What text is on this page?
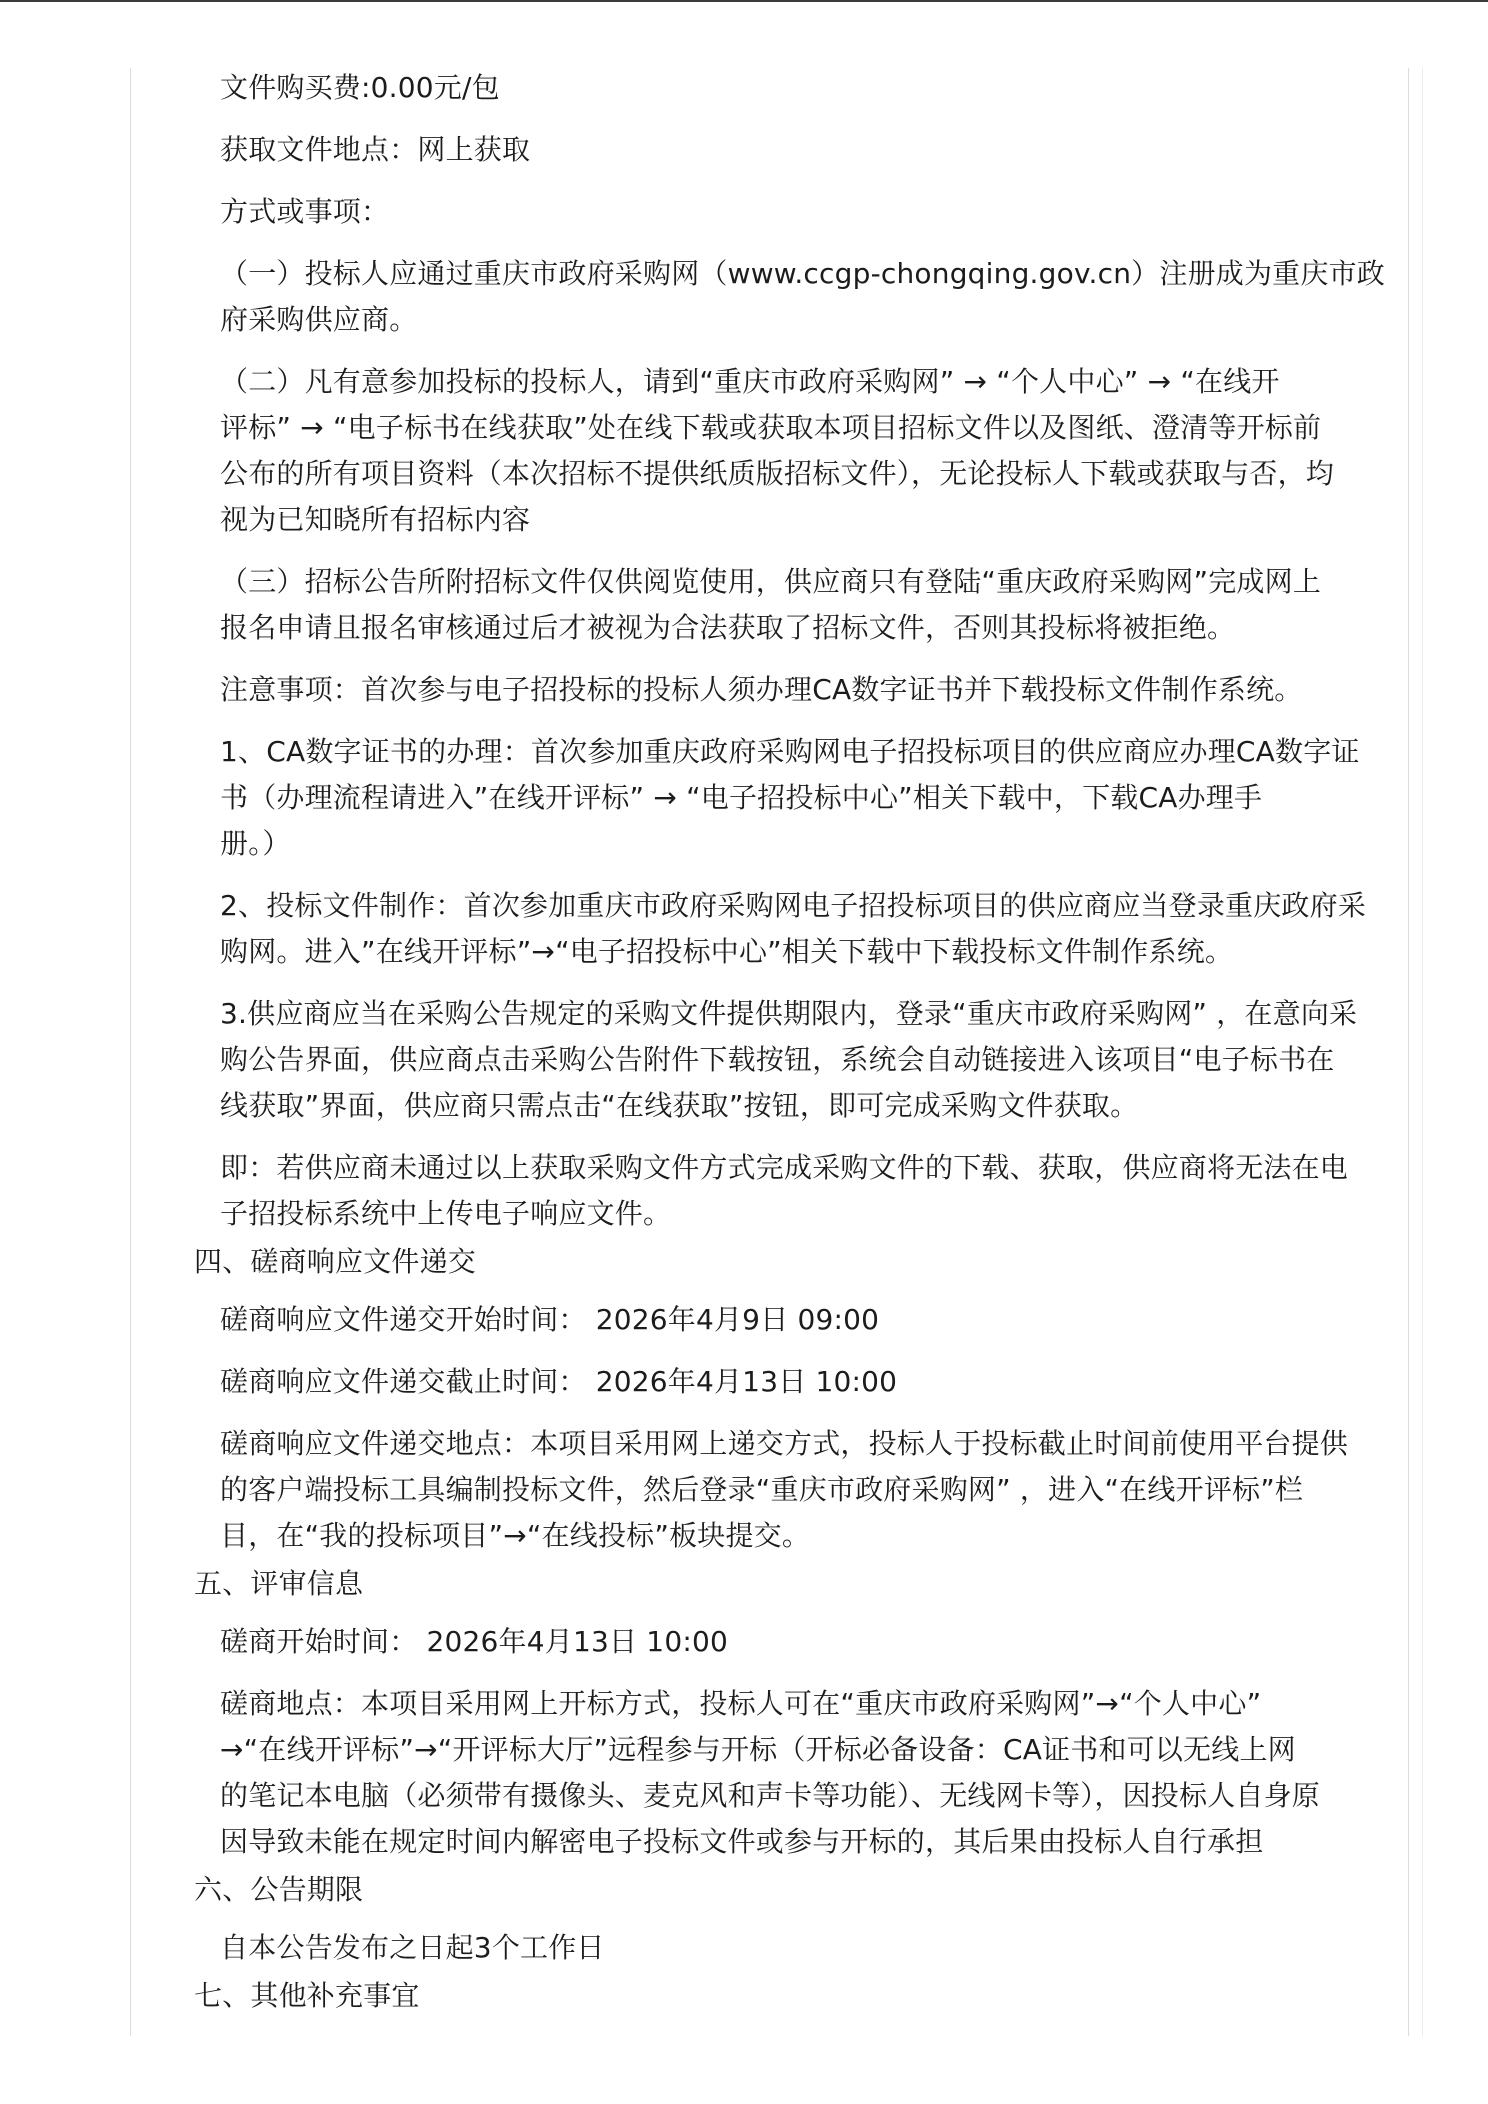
文件购买费:0.00元/包
获取文件地点：网上获取
方式或事项：
（一）投标人应通过重庆市政府采购网（www.ccgp-chongqing.gov.cn）注册成为重庆市政
府采购供应商。
（二）凡有意参加投标的投标人，请到“重庆市政府采购网” → “个人中心” → “在线开
评标” → “电子标书在线获取”处在线下载或获取本项目招标文件以及图纸、澄清等开标前
公布的所有项目资料（本次招标不提供纸质版招标文件），无论投标人下载或获取与否，均
视为已知晓所有招标内容
（三）招标公告所附招标文件仅供阅览使用，供应商只有登陆“重庆政府采购网”完成网上
报名申请且报名审核通过后才被视为合法获取了招标文件，否则其投标将被拒绝。
注意事项：首次参与电子招投标的投标人须办理CA数字证书并下载投标文件制作系统。
1、CA数字证书的办理：首次参加重庆政府采购网电子招投标项目的供应商应办理CA数字证
书（办理流程请进入”在线开评标” → “电子招投标中心”相关下载中，下载CA办理手
册。）
2、投标文件制作：首次参加重庆市政府采购网电子招投标项目的供应商应当登录重庆政府采
购网。进入”在线开评标”→“电子招投标中心”相关下载中下载投标文件制作系统。
3.供应商应当在采购公告规定的采购文件提供期限内，登录“重庆市政府采购网” ，在意向采
购公告界面，供应商点击采购公告附件下载按钮，系统会自动链接进入该项目“电子标书在
线获取”界面，供应商只需点击“在线获取”按钮，即可完成采购文件获取。
即：若供应商未通过以上获取采购文件方式完成采购文件的下载、获取，供应商将无法在电
子招投标系统中上传电子响应文件。
四、磋商响应文件递交
磋商响应文件递交开始时间： 2026年4月9日 09:00
磋商响应文件递交截止时间： 2026年4月13日 10:00
磋商响应文件递交地点：本项目采用网上递交方式，投标人于投标截止时间前使用平台提供
的客户端投标工具编制投标文件，然后登录“重庆市政府采购网” ，进入“在线开评标”栏
目，在“我的投标项目”→“在线投标”板块提交。
五、评审信息
磋商开始时间： 2026年4月13日 10:00
磋商地点：本项目采用网上开标方式，投标人可在“重庆市政府采购网”→“个人中心”
→“在线开评标”→“开评标大厅”远程参与开标（开标必备设备：CA证书和可以无线上网
的笔记本电脑（必须带有摄像头、麦克风和声卡等功能）、无线网卡等），因投标人自身原
因导致未能在规定时间内解密电子投标文件或参与开标的，其后果由投标人自行承担
六、公告期限
自本公告发布之日起3个工作日
七、其他补充事宜
